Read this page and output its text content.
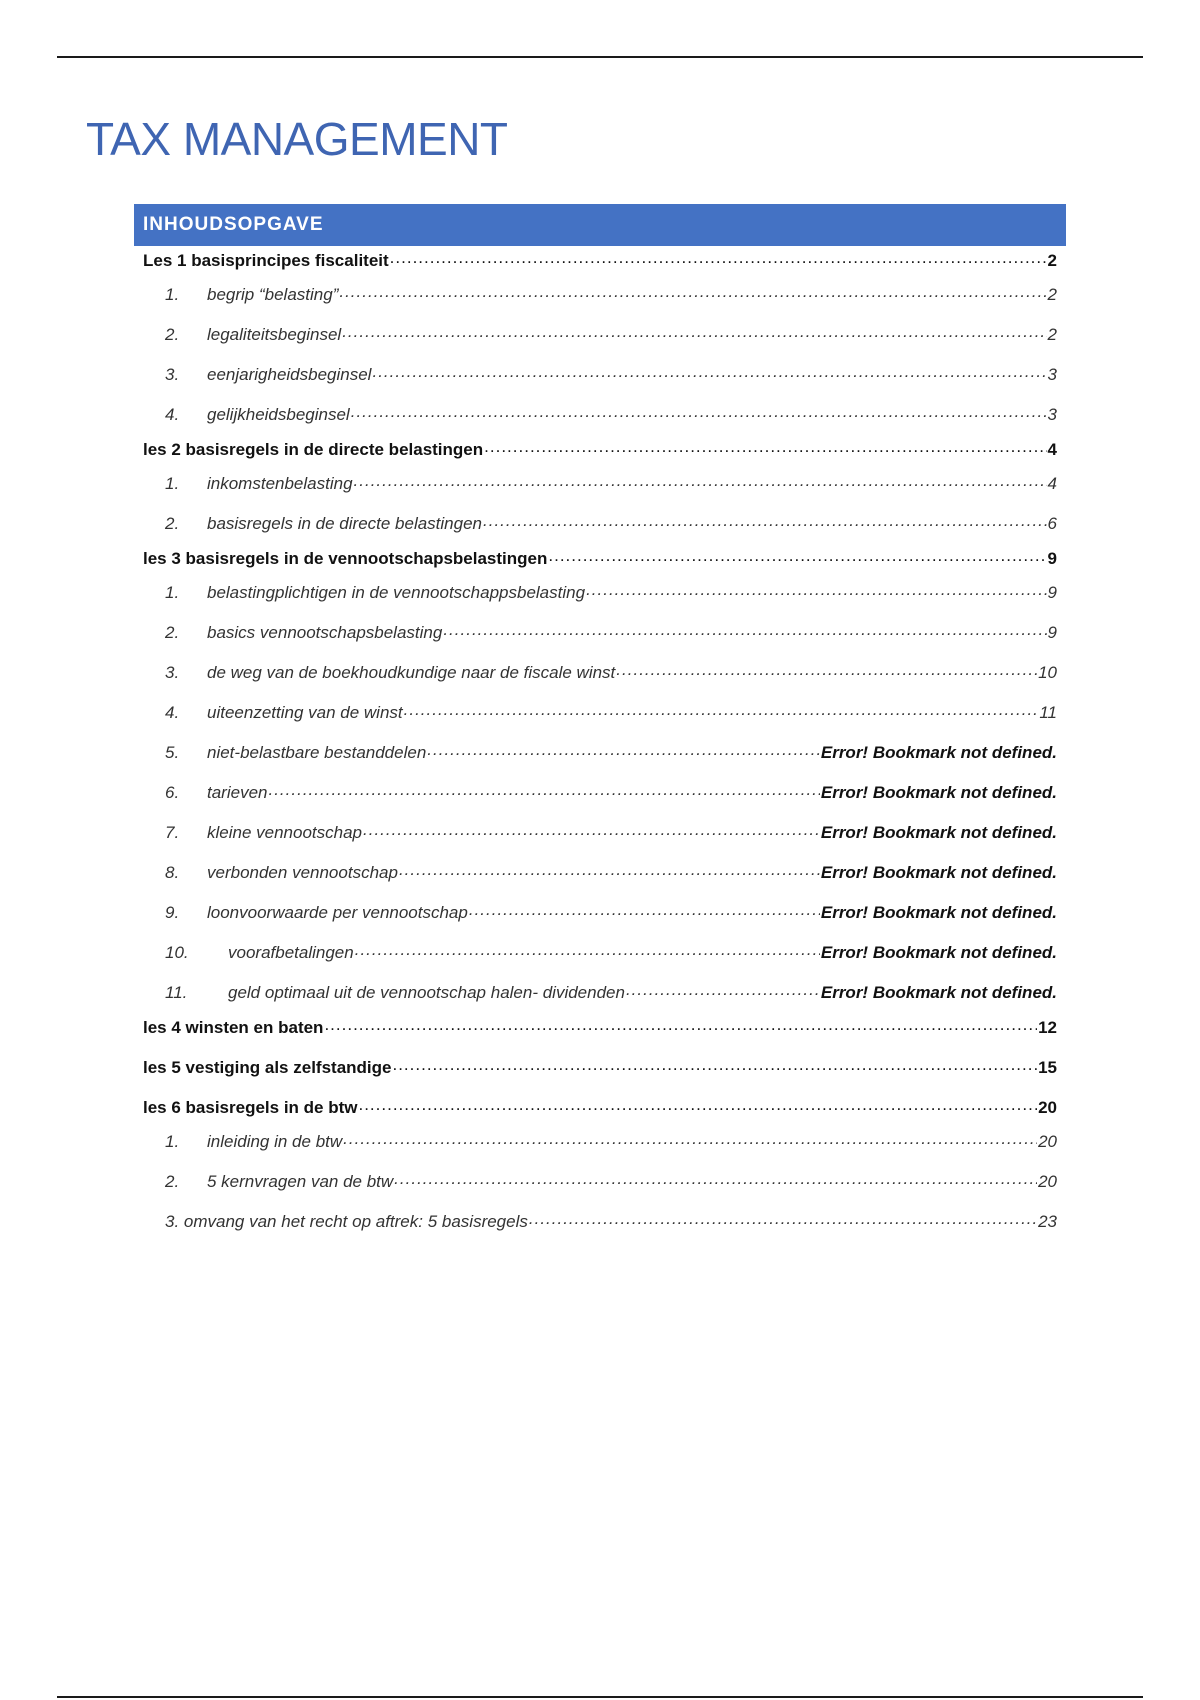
TAX MANAGEMENT
INHOUDSOPGAVE
Les 1 basisprincipes fiscaliteit .....	2
1.	begrip “belasting” .....	2
2.	legaliteitsbeginsel .....	2
3.	eenjarigheidsbeginsel .....	3
4.	gelijkheidsbeginsel .....	3
les 2 basisregels in de directe belastingen .....	4
1.	inkomstenbelasting .....	4
2.	basisregels in de directe belastingen .....	6
les 3 basisregels in de vennootschapsbelastingen .....	9
1.	belastingplichtigen in de vennootschappsbelasting .....	9
2.	basics vennootschapsbelasting .....	9
3.	de weg van de boekhoudkundige naar de fiscale winst .....	10
4.	uiteenzetting van de winst .....	11
5.	niet-belastbare bestanddelen .....	Error! Bookmark not defined.
6.	tarieven .....	Error! Bookmark not defined.
7.	kleine vennootschap .....	Error! Bookmark not defined.
8.	verbonden vennootschap .....	Error! Bookmark not defined.
9.	loonvoorwaarde per vennootschap .....	Error! Bookmark not defined.
10.	voorafbetalingen .....	Error! Bookmark not defined.
11.	geld optimaal uit de vennootschap halen- dividenden .....	Error! Bookmark not defined.
les 4 winsten en baten .....	12
les 5 vestiging als zelfstandige .....	15
les 6 basisregels in de btw .....	20
1.	inleiding in de btw .....	20
2.	5 kernvragen van de btw .....	20
3. omvang van het recht op aftrek: 5 basisregels .....	23
